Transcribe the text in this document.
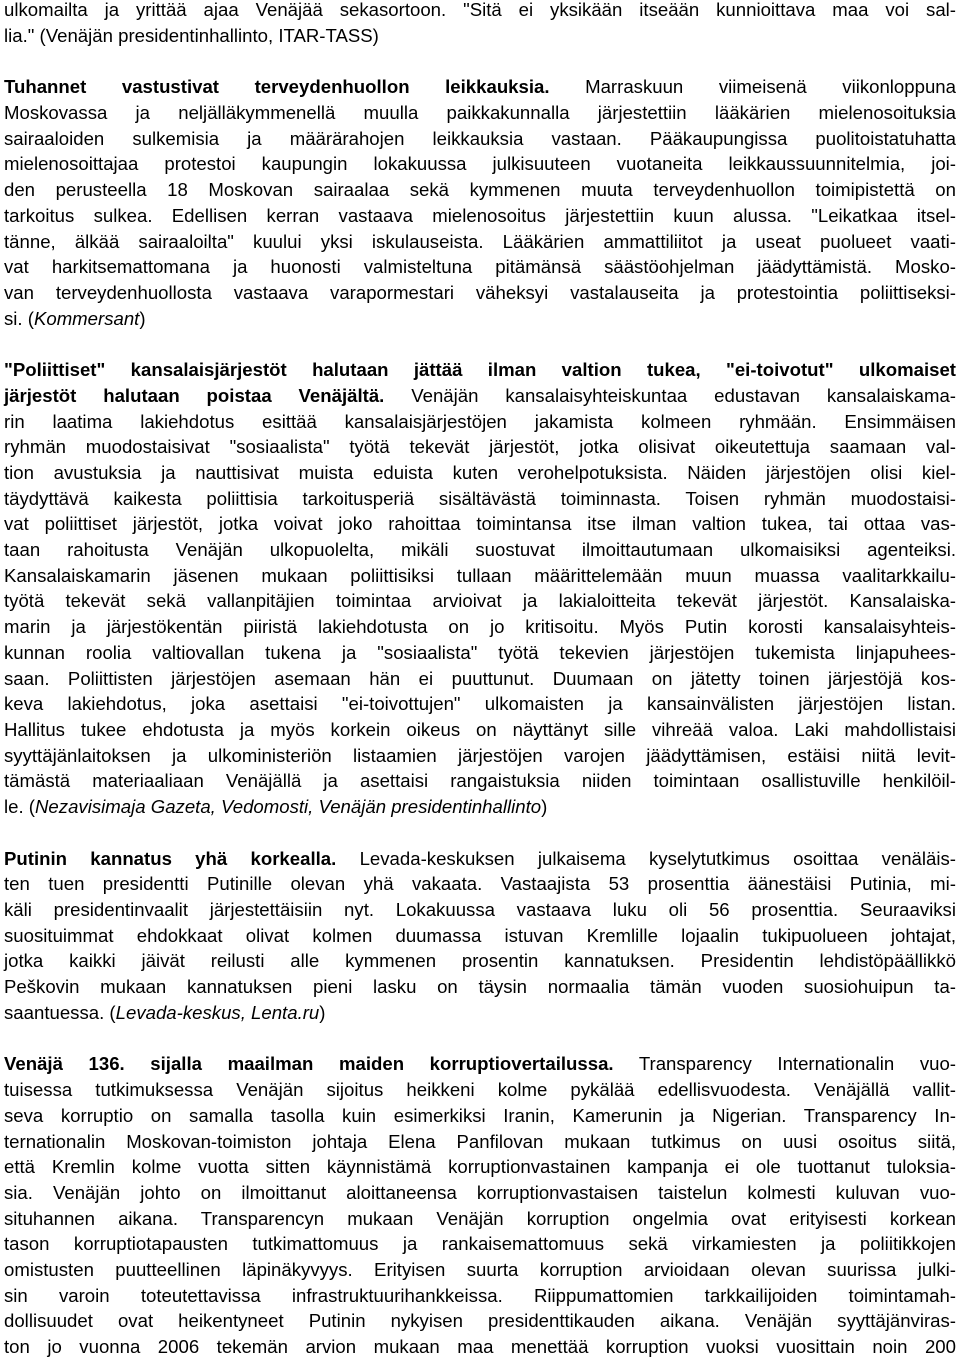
ulkomailta ja yrittää ajaa Venäjää sekasortoon. "Sitä ei yksikään itseään kunnioittava maa voi sal-
lia." (Venäjän presidentinhallinto, ITAR-TASS)
Tuhannet vastustivat terveydenhuollon leikkauksia. Marraskuun viimeisenä viikonloppuna
Moskovassa ja neljälläkymmenellä muulla paikkakunnalla järjestettiin lääkärien mielenosoituksia
sairaaloiden sulkemisia ja määrärahojen leikkauksia vastaan. Pääkaupungissa puolitoistatuhatta
mielenosoittajaa protestoi kaupungin lokakuussa julkisuuteen vuotaneita leikkaussuunnitelmia, joi-
den perusteella 18 Moskovan sairaalaa sekä kymmenen muuta terveydenhuollon toimipistettä on
tarkoitus sulkea. Edellisen kerran vastaava mielenosoitus järjestettiin kuun alussa. "Leikatkaa itsel-
tänne, älkää sairaaloilta" kuului yksi iskulauseista. Lääkärien ammattiliitot ja useat puolueet vaati-
vat harkitsemattomana ja huonosti valmisteltuna pitämänsä säästöohjelman jäädyttämistä. Mosko-
van terveydenhuollosta vastaava varapormestari väheksyi vastalauseita ja protestointia poliittiseksi-
si. (Kommersant)
"Poliittiset" kansalaisjärjestöt halutaan jättää ilman valtion tukea, "ei-toivotut" ulkomaiset
järjestöt halutaan poistaa Venäjältä. Venäjän kansalaisyhteiskuntaa edustavan kansalaiskama-
rin laatima lakiehdotus esittää kansalaisjärjestöjen jakamista kolmeen ryhmään. Ensimmäisen
ryhmän muodostaisivat "sosiaalista" työtä tekevät järjestöt, jotka olisivat oikeutettuja saamaan val-
tion avustuksia ja nauttisivat muista eduista kuten verohelpotuksista. Näiden järjestöjen olisi kiel-
täydyttävä kaikesta poliittisia tarkoitusperiä sisältävästä toiminnasta. Toisen ryhmän muodostaisi-
vat poliittiset järjestöt, jotka voivat joko rahoittaa toimintansa itse ilman valtion tukea, tai ottaa vas-
taan rahoitusta Venäjän ulkopuolelta, mikäli suostuvat ilmoittautumaan ulkomaisiksi agenteiksi.
Kansalaiskamarin jäsenen mukaan poliittisiksi tullaan määrittelemään muun muassa vaalitarkkailu-
työtä tekevät sekä vallanpitäjien toimintaa arvioivat ja lakialoitteita tekevät järjestöt. Kansalaiska-
marin ja järjestökentän piiristä lakiehdotusta on jo kritisoitu. Myös Putin korosti kansalaisyhteis-
kunnan roolia valtiovallan tukena ja "sosiaalista" työtä tekevien järjestöjen tukemista linjapuhees-
saan. Poliittisten järjestöjen asemaan hän ei puuttunut. Duumaan on jätetty toinen järjestöjä kos-
keva lakiehdotus, joka asettaisi "ei-toivottujen" ulkomaisten ja kansainvälisten järjestöjen listan.
Hallitus tukee ehdotusta ja myös korkein oikeus on näyttänyt sille vihreää valoa. Laki mahdollistaisi
syyttäjänlaitoksen ja ulkoministeriön listaamien järjestöjen varojen jäädyttämisen, estäisi niitä levit-
tämästä materiaaliaan Venäjällä ja asettaisi rangaistuksia niiden toimintaan osallistuville henkilöil-
le. (Nezavisimaja Gazeta, Vedomosti, Venäjän presidentinhallinto)
Putinin kannatus yhä korkealla. Levada-keskuksen julkaisema kyselytutkimus osoittaa venäläis-
ten tuen presidentti Putinille olevan yhä vakaata. Vastaajista 53 prosenttia äänestäisi Putinia, mi-
käli presidentinvaalit järjestettäisiin nyt. Lokakuussa vastaava luku oli 56 prosenttia. Seuraaviksi
suosituimmat ehdokkaat olivat kolmen duumassa istuvan Kremlille lojaalin tukipuolueen johtajat,
jotka kaikki jäivät reilusti alle kymmenen prosentin kannatuksen. Presidentin lehdistöpäällikkö
Peškovin mukaan kannatuksen pieni lasku on täysin normaalia tämän vuoden suosiohuipun ta-
saantuessa. (Levada-keskus, Lenta.ru)
Venäjä 136. sijalla maailman maiden korruptiovertailussa. Transparency Internationalin vuo-
tuisessa tutkimuksessa Venäjän sijoitus heikkeni kolme pykälää edellisvuodesta. Venäjällä vallit-
seva korruptio on samalla tasolla kuin esimerkiksi Iranin, Kamerunin ja Nigerian. Transparency In-
ternationalin Moskovan-toimiston johtaja Elena Panfilovan mukaan tutkimus on uusi osoitus siitä,
että Kremlin kolme vuotta sitten käynnistämä korruptionvastainen kampanja ei ole tuottanut tuloksia-
sia. Venäjän johto on ilmoittanut aloittaneensa korruptionvastaisen taistelun kolmesti kuluvan vuo-
situhannen aikana. Transparencyn mukaan Venäjän korruption ongelmia ovat erityisesti korkean
tason korruptiotapausten tutkimattomuus ja rankaisemattomuus sekä virkamiesten ja poliitikkojen
omistusten puutteellinen läpinäkyvyys. Erityisen suurta korruption arvioidaan olevan suurissa julki-
sin varoin toteutettavissa infrastruktuurihankkeissa. Riippumattomien tarkkailijoiden toimintamah-
dollisuudet ovat heikentyneet Putinin nykyisen presidenttikauden aikana. Venäjän syyttäjänviras-
ton jo vuonna 2006 tekemän arvion mukaan maa menettää korruption vuoksi vuosittain noin 200
